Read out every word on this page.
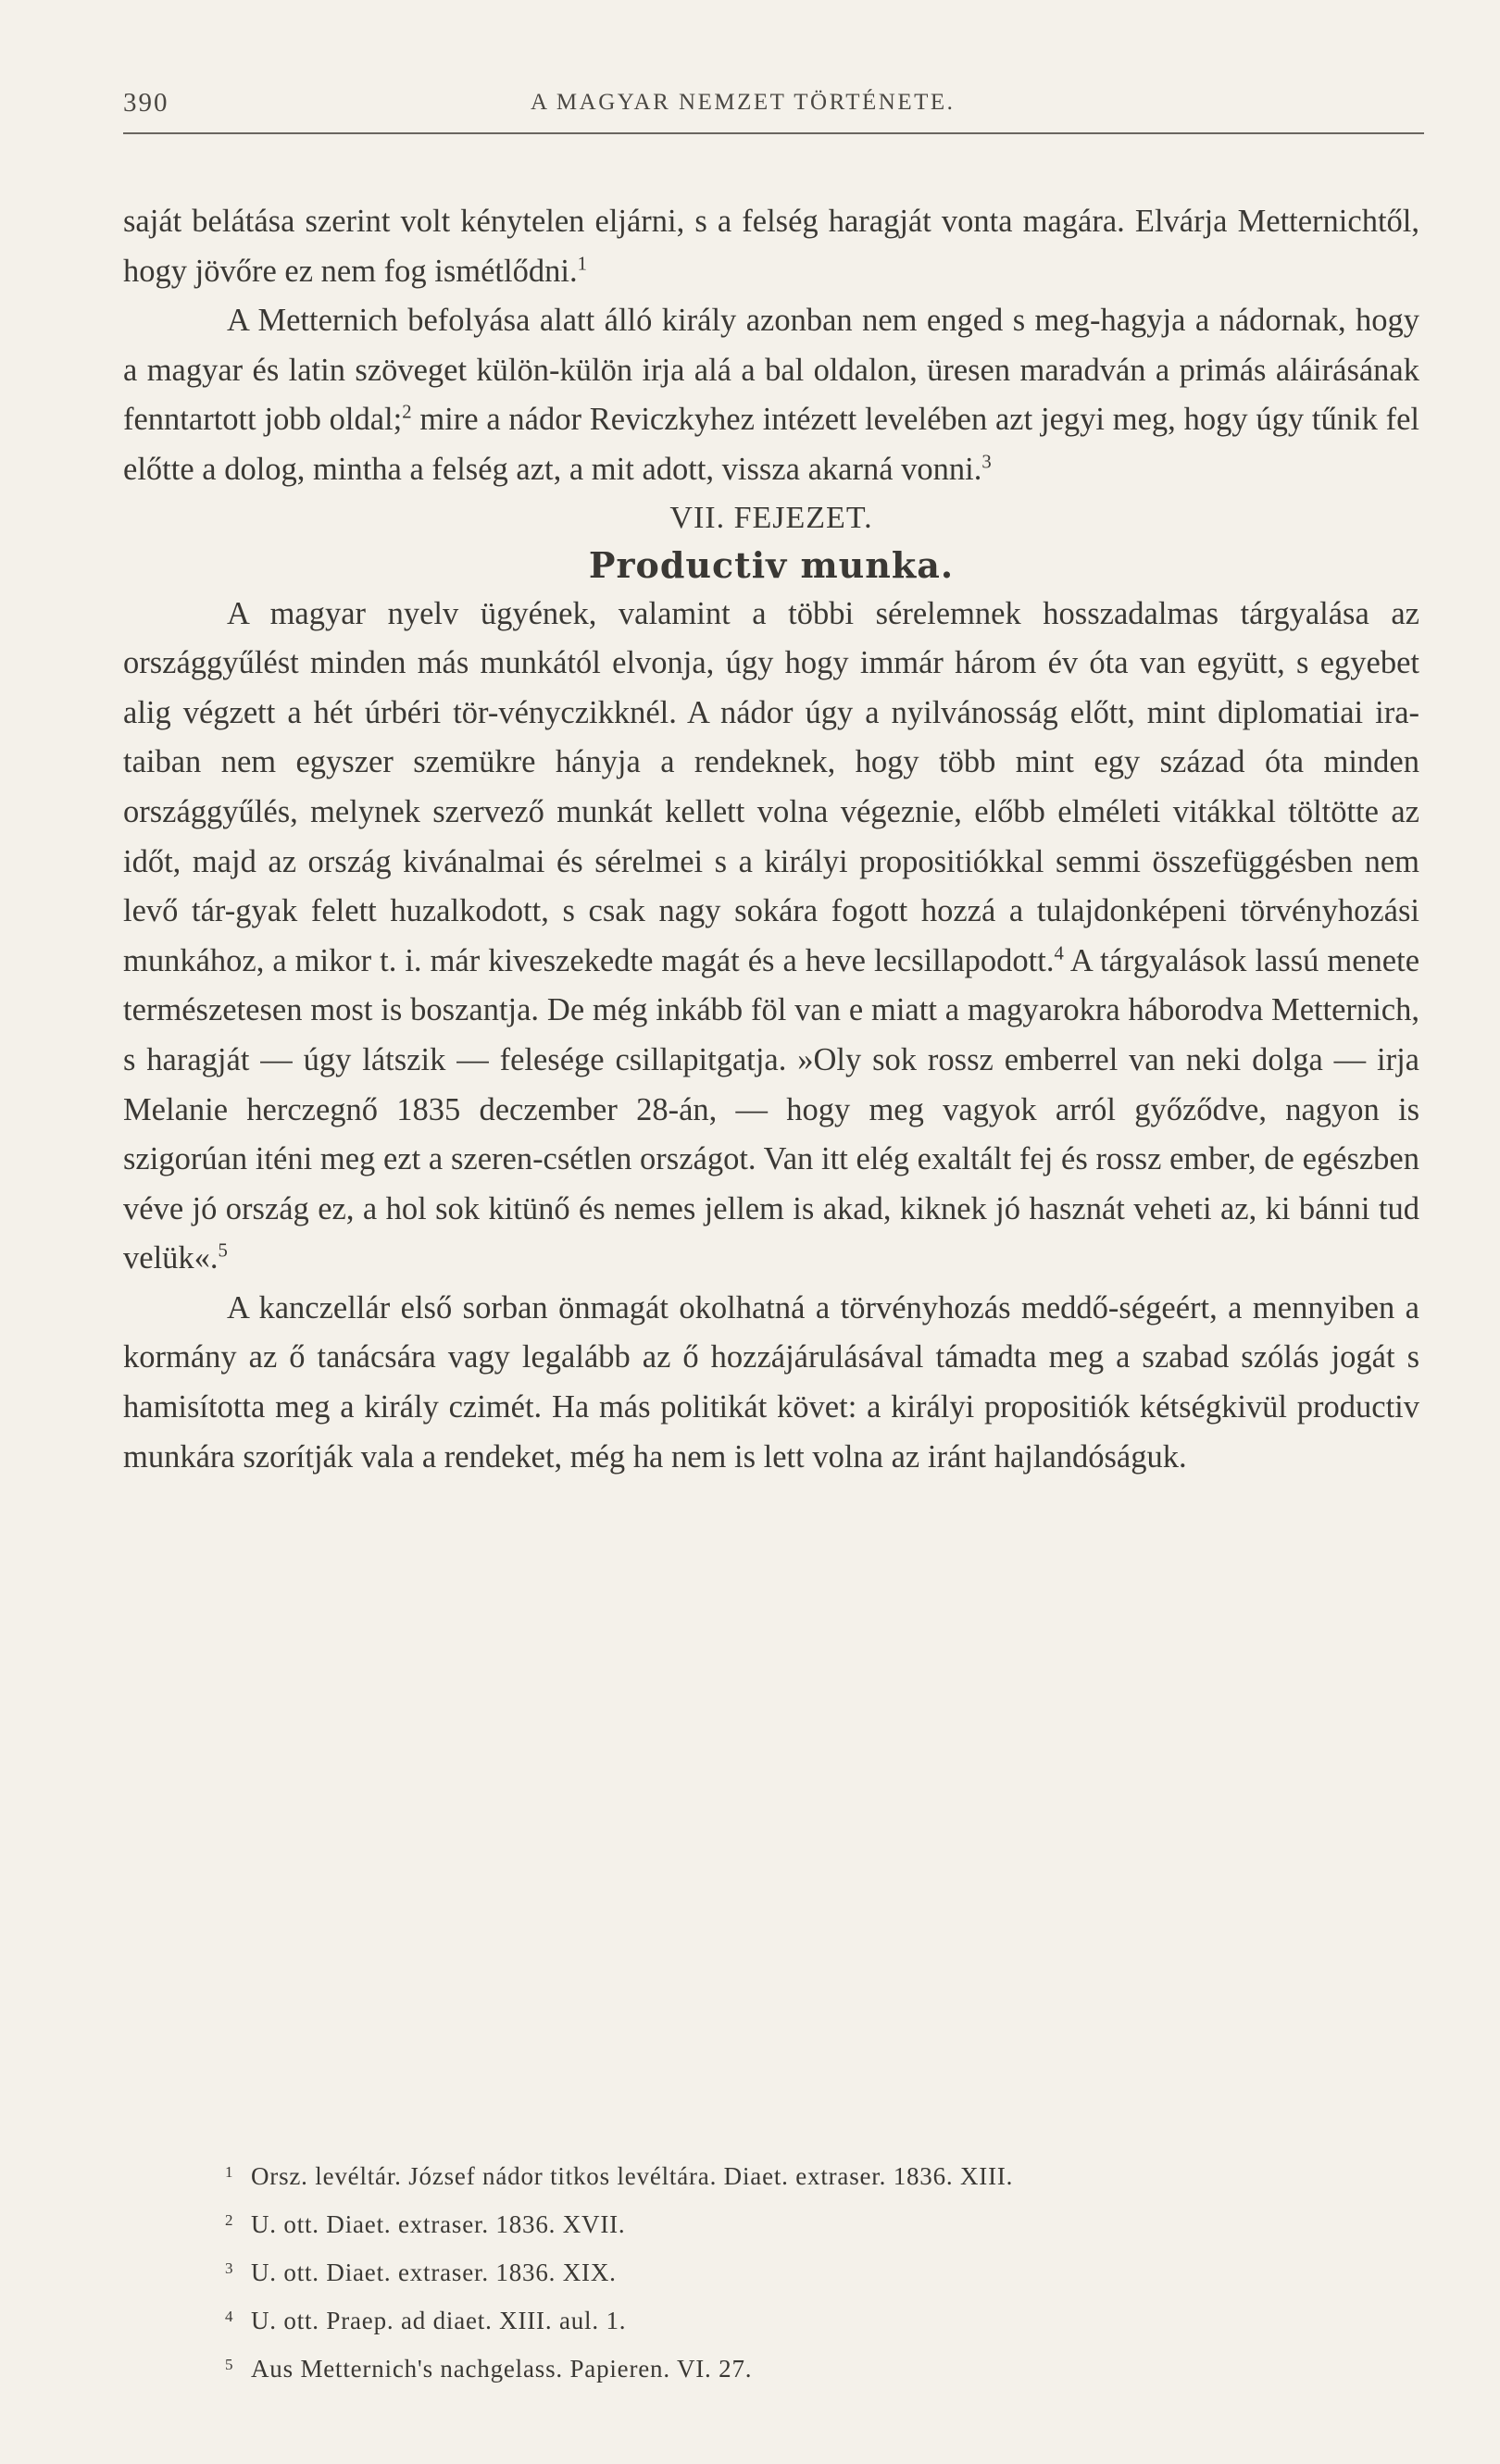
390	A MAGYAR NEMZET TÖRTÉNETE.

saját belátása szerint volt kénytelen eljárni, s a felség haragját vonta magára. Elvárja Metternichtől, hogy jövőre ez nem fog ismétlődni.$^1$

A Metternich befolyása alatt álló király azonban nem enged s meg-hagyja a nádornak, hogy a magyar és latin szöveget külön-külön irja alá a bal oldalon, üresen maradván a primás aláirásának fenntartott jobb oldal;$^2$ mire a nádor Reviczkyhez intézett levelében azt jegyi meg, hogy úgy tűnik fel előtte a dolog, mintha a felség azt, a mit adott, vissza akarná vonni.$^3$

VII. FEJEZET.

Productiv munka.

A magyar nyelv ügyének, valamint a többi sérelemnek hosszadalmas tárgyalása az országgyűlést minden más munkától elvonja, úgy hogy immár három év óta van együtt, s egyebet alig végzett a hét úrbéri tör-vényczikknél. A nádor úgy a nyilvánosság előtt, mint diplomatiai ira-taiban nem egyszer szemükre hányja a rendeknek, hogy több mint egy század óta minden országgyűlés, melynek szervező munkát kellett volna végeznie, előbb elméleti vitákkal töltötte az időt, majd az ország kivánalmai és sérelmei s a királyi propositiókkal semmi összefüggésben nem levő tár-gyak felett huzalkodott, s csak nagy sokára fogott hozzá a tulajdonképeni törvényhozási munkához, a mikor t. i. már kiveszekedte magát és a heve lecsillapodott.$^4$ A tárgyalások lassú menete természetesen most is boszantja. De még inkább föl van e miatt a magyarokra háborodva Metternich, s haragját — úgy látszik — felesége csillapitgatja. »Oly sok rossz emberrel van neki dolga — irja Melanie herczegnő 1835 deczember 28-án, — hogy meg vagyok arról győződve, nagyon is szigorúan iténi meg ezt a szeren-csétlen országot. Van itt elég exaltált fej és rossz ember, de egészben véve jó ország ez, a hol sok kitünő és nemes jellem is akad, kiknek jó hasznát veheti az, ki bánni tud velük«.$^5$

A kanczellár első sorban önmagát okolhatná a törvényhozás meddő-ségeért, a mennyiben a kormány az ő tanácsára vagy legalább az ő hozzájárulásával támadta meg a szabad szólás jogát s hamisította meg a király czimét. Ha más politikát követ: a királyi propositiók kétségkivül productiv munkára szorítják vala a rendeket, még ha nem is lett volna az iránt hajlandóságuk.

1 Orsz. levéltár. József nádor titkos levéltára. Diaet. extraser. 1836. XIII.
2 U. ott. Diaet. extraser. 1836. XVII.
3 U. ott. Diaet. extraser. 1836. XIX.
4 U. ott. Praep. ad diaet. XIII. aul. 1.
5 Aus Metternich's nachgelass. Papieren. VI. 27.
